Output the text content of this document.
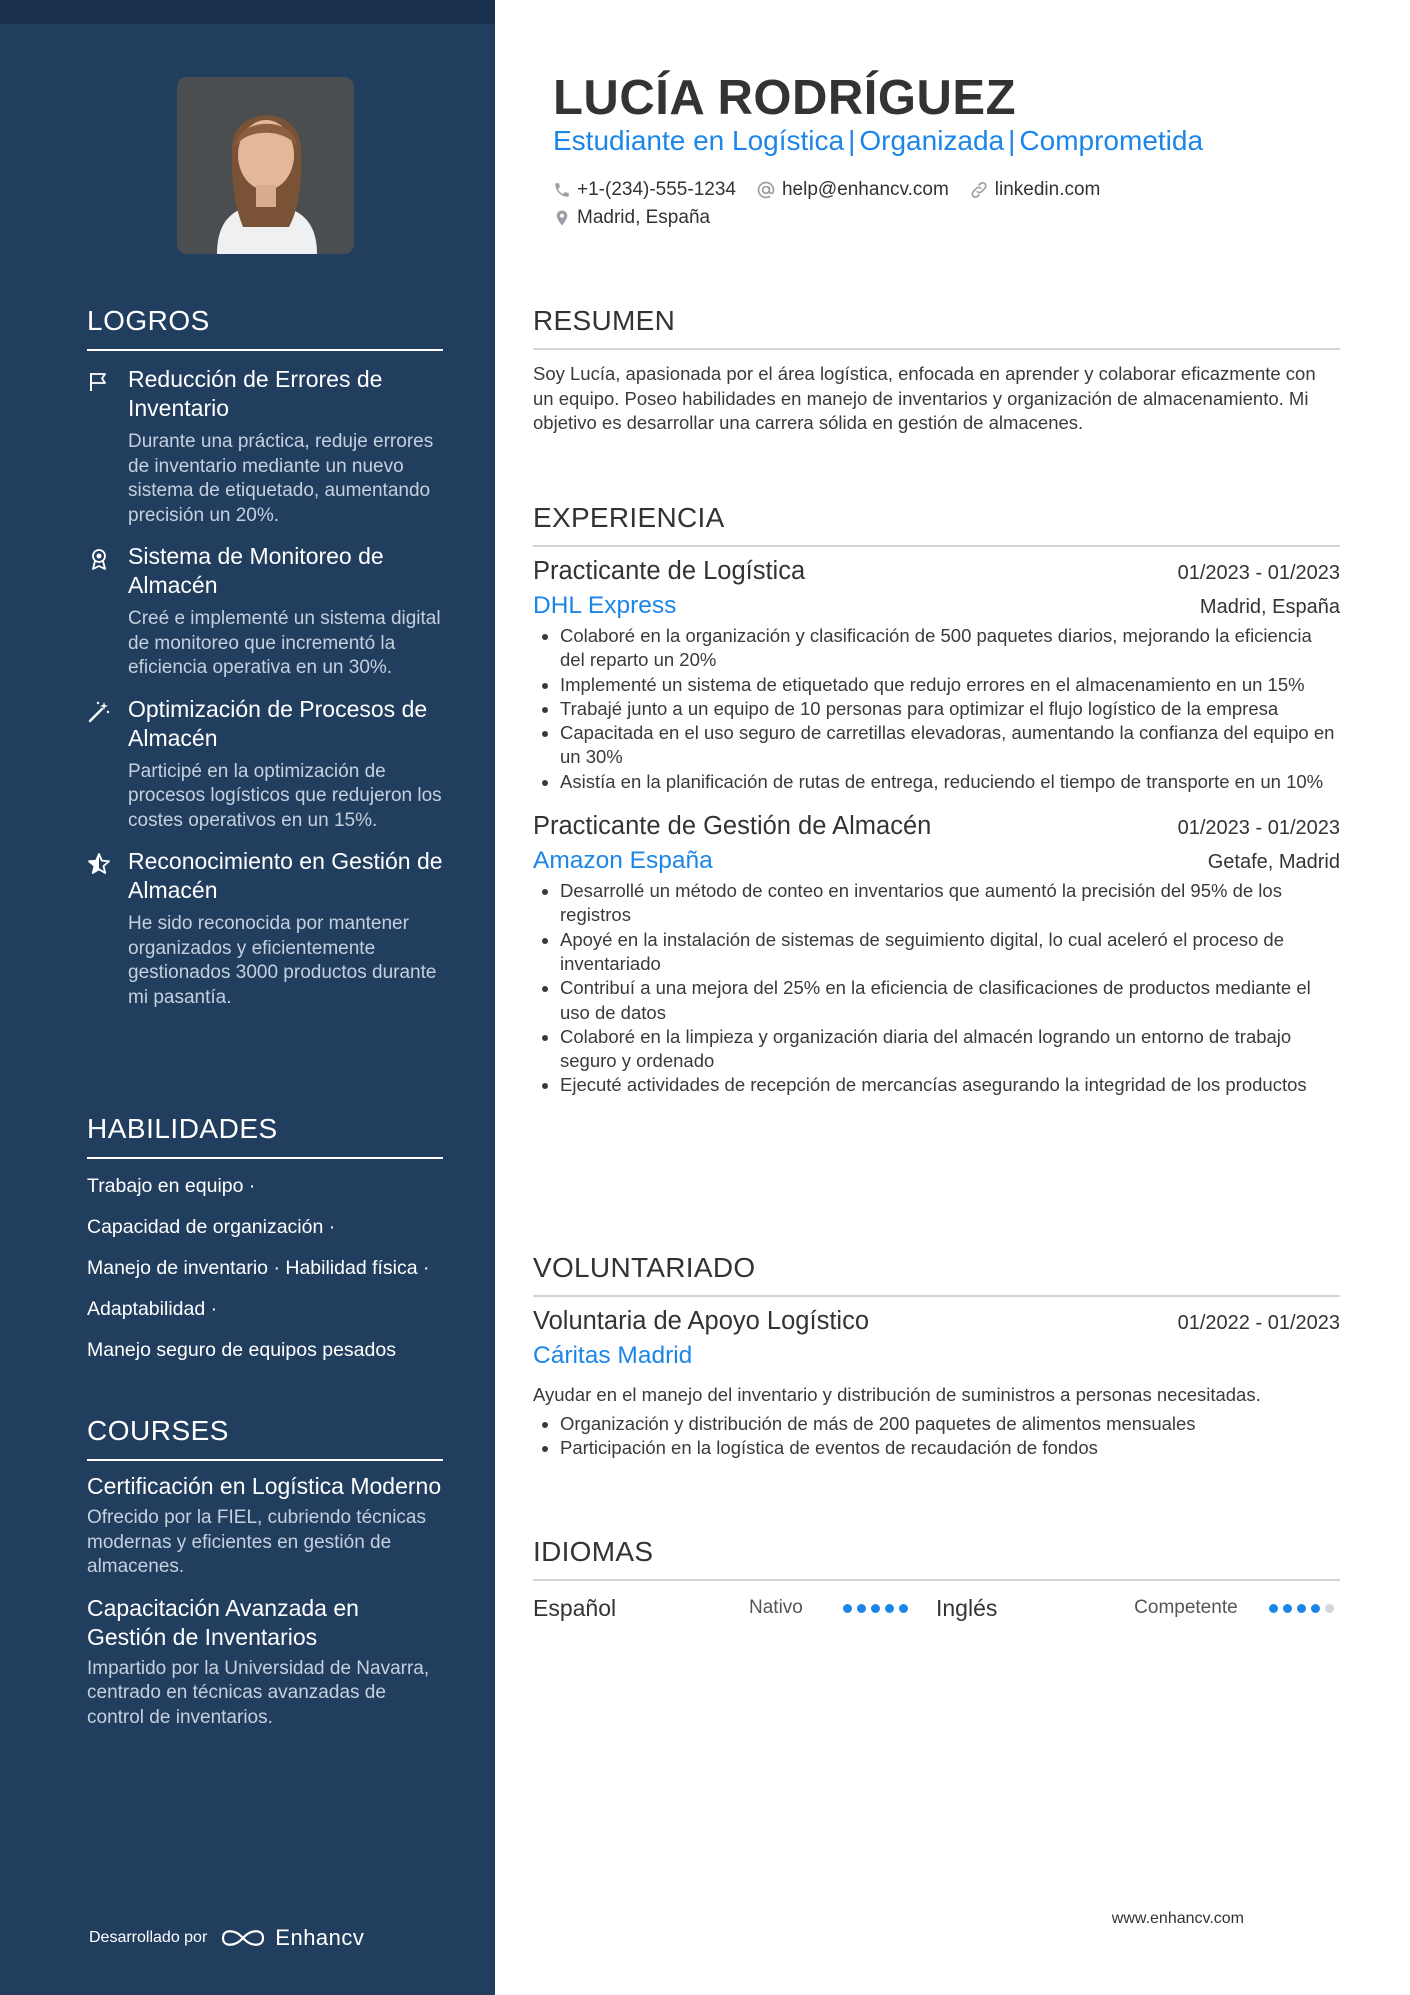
LOGROS
Reducción de Errores de Inventario
Durante una práctica, reduje errores de inventario mediante un nuevo sistema de etiquetado, aumentando precisión un 20%.
Sistema de Monitoreo de Almacén
Creé e implementé un sistema digital de monitoreo que incrementó la eficiencia operativa en un 30%.
Optimización de Procesos de Almacén
Participé en la optimización de procesos logísticos que redujeron los costes operativos en un 15%.
Reconocimiento en Gestión de Almacén
He sido reconocida por mantener organizados y eficientemente gestionados 3000 productos durante mi pasantía.
HABILIDADES
Trabajo en equipo ·
Capacidad de organización ·
Manejo de inventario · Habilidad física ·
Adaptabilidad ·
Manejo seguro de equipos pesados
COURSES
Certificación en Logística Moderno
Ofrecido por la FIEL, cubriendo técnicas modernas y eficientes en gestión de almacenes.
Capacitación Avanzada en Gestión de Inventarios
Impartido por la Universidad de Navarra, centrado en técnicas avanzadas de control de inventarios.
Desarrollado por	Enhancv
LUCÍA RODRÍGUEZ
Estudiante en Logística | Organizada | Comprometida
+1-(234)-555-1234 help@enhancv.com linkedin.com
Madrid, España
RESUMEN
Soy Lucía, apasionada por el área logística, enfocada en aprender y colaborar eficazmente con un equipo. Poseo habilidades en manejo de inventarios y organización de almacenamiento. Mi objetivo es desarrollar una carrera sólida en gestión de almacenes.
EXPERIENCIA
Practicante de Logística	01/2023 - 01/2023
DHL Express	Madrid, España
• Colaboré en la organización y clasificación de 500 paquetes diarios, mejorando la eficiencia del reparto un 20%
• Implementé un sistema de etiquetado que redujo errores en el almacenamiento en un 15%
• Trabajé junto a un equipo de 10 personas para optimizar el flujo logístico de la empresa
• Capacitada en el uso seguro de carretillas elevadoras, aumentando la confianza del equipo en un 30%
• Asistía en la planificación de rutas de entrega, reduciendo el tiempo de transporte en un 10%
Practicante de Gestión de Almacén	01/2023 - 01/2023
Amazon España	Getafe, Madrid
• Desarrollé un método de conteo en inventarios que aumentó la precisión del 95% de los registros
• Apoyé en la instalación de sistemas de seguimiento digital, lo cual aceleró el proceso de inventariado
• Contribuí a una mejora del 25% en la eficiencia de clasificaciones de productos mediante el uso de datos
• Colaboré en la limpieza y organización diaria del almacén logrando un entorno de trabajo seguro y ordenado
• Ejecuté actividades de recepción de mercancías asegurando la integridad de los productos
VOLUNTARIADO
Voluntaria de Apoyo Logístico	01/2022 - 01/2023
Cáritas Madrid
Ayudar en el manejo del inventario y distribución de suministros a personas necesitadas.
• Organización y distribución de más de 200 paquetes de alimentos mensuales
• Participación en la logística de eventos de recaudación de fondos
IDIOMAS
Español	Nativo	Inglés	Competente
www.enhancv.com
